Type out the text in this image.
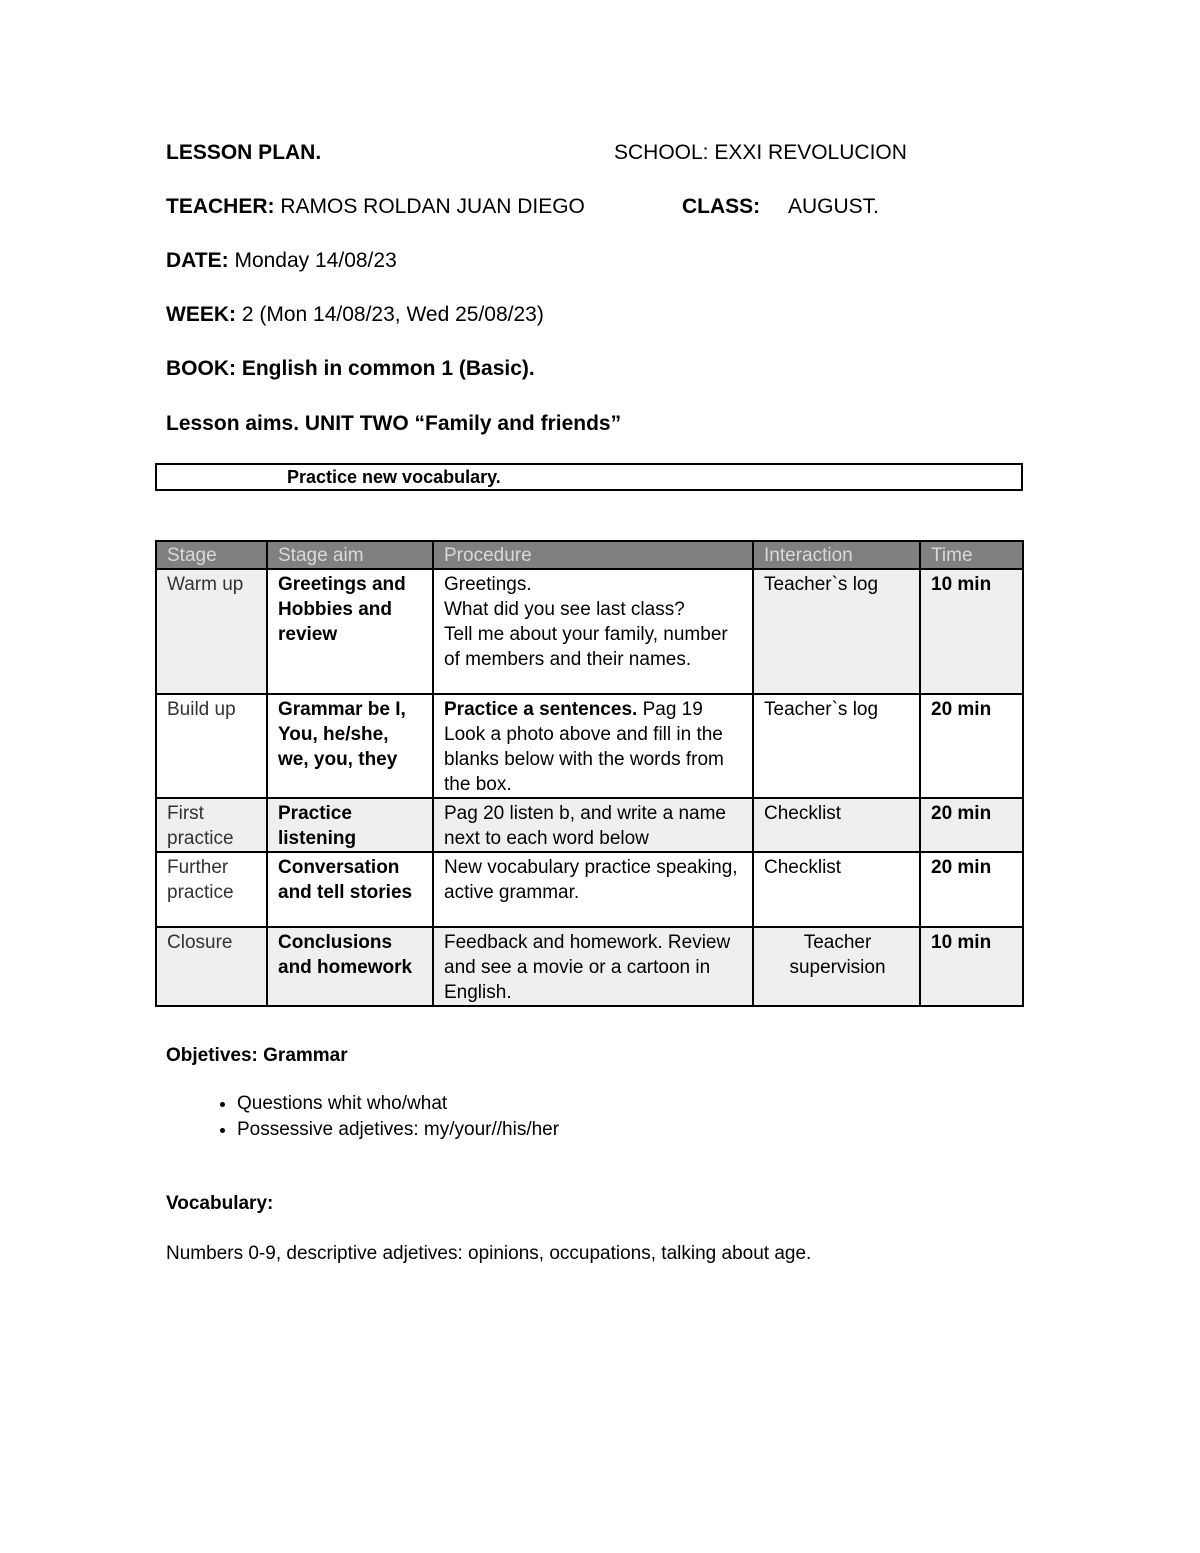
LESSON PLAN.	SCHOOL: EXXI REVOLUCION
TEACHER: RAMOS ROLDAN JUAN DIEGO	CLASS: AUGUST.
DATE: Monday 14/08/23
WEEK: 2 (Mon 14/08/23, Wed 25/08/23)
BOOK: English in common 1 (Basic).
Lesson aims. UNIT TWO “Family and friends”
Practice new vocabulary.
Stage	Stage aim	Procedure	Interaction	Time
Warm up	Greetings and Hobbies and review	Greetings.
What did you see last class?
Tell me about your family, number of members and their names.	Teacher`s log	10 min
Build up	Grammar be I, You, he/she, we, you, they	Practice a sentences. Pag 19 Look a photo above and fill in the blanks below with the words from the box.	Teacher`s log	20 min
First practice	Practice listening	Pag 20 listen b, and write a name next to each word below	Checklist	20 min
Further practice	Conversation and tell stories	New vocabulary practice speaking, active grammar.	Checklist	20 min
Closure	Conclusions and homework	Feedback and homework. Review and see a movie or a cartoon in English.	Teacher supervision	10 min
Objetives: Grammar
• Questions whit who/what
• Possessive adjetives: my/your//his/her
Vocabulary:
Numbers 0-9, descriptive adjetives: opinions, occupations, talking about age.
